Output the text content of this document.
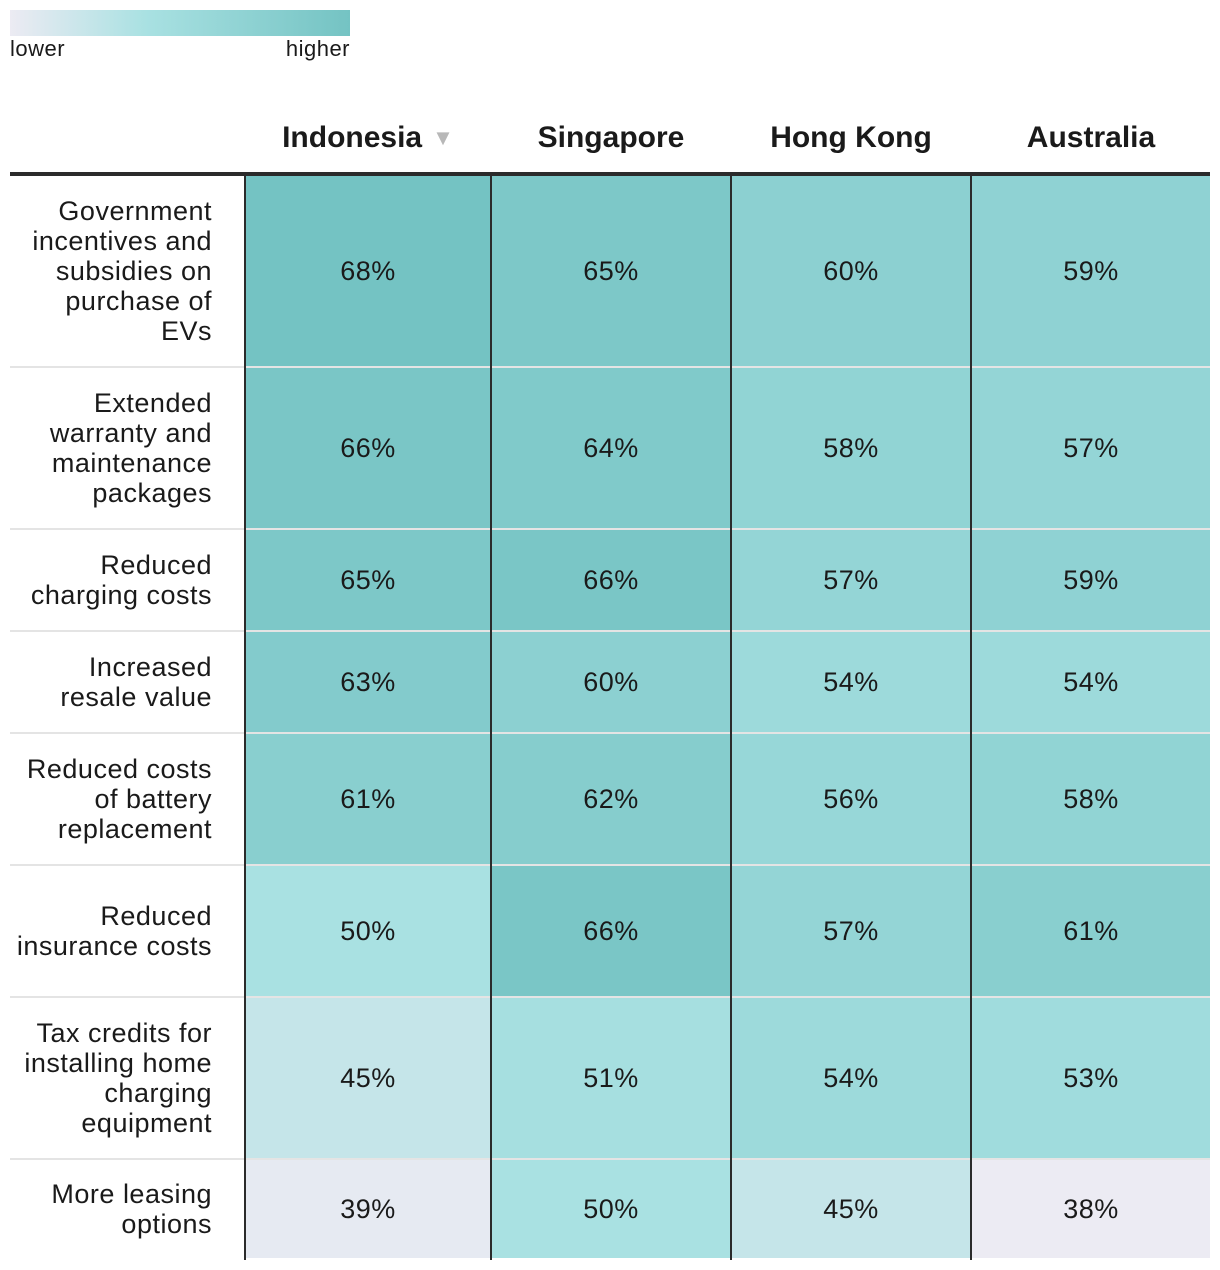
lower	higher
Indonesia ▼	Singapore	Hong Kong	Australia
Government incentives and subsidies on purchase of EVs
68%	65%	60%	59%
Extended warranty and maintenance packages
66%	64%	58%	57%
Reduced charging costs
65%	66%	57%	59%
Increased resale value
63%	60%	54%	54%
Reduced costs of battery replacement
61%	62%	56%	58%
Reduced insurance costs
50%	66%	57%	61%
Tax credits for installing home charging equipment
45%	51%	54%	53%
More leasing options
39%	50%	45%	38%
